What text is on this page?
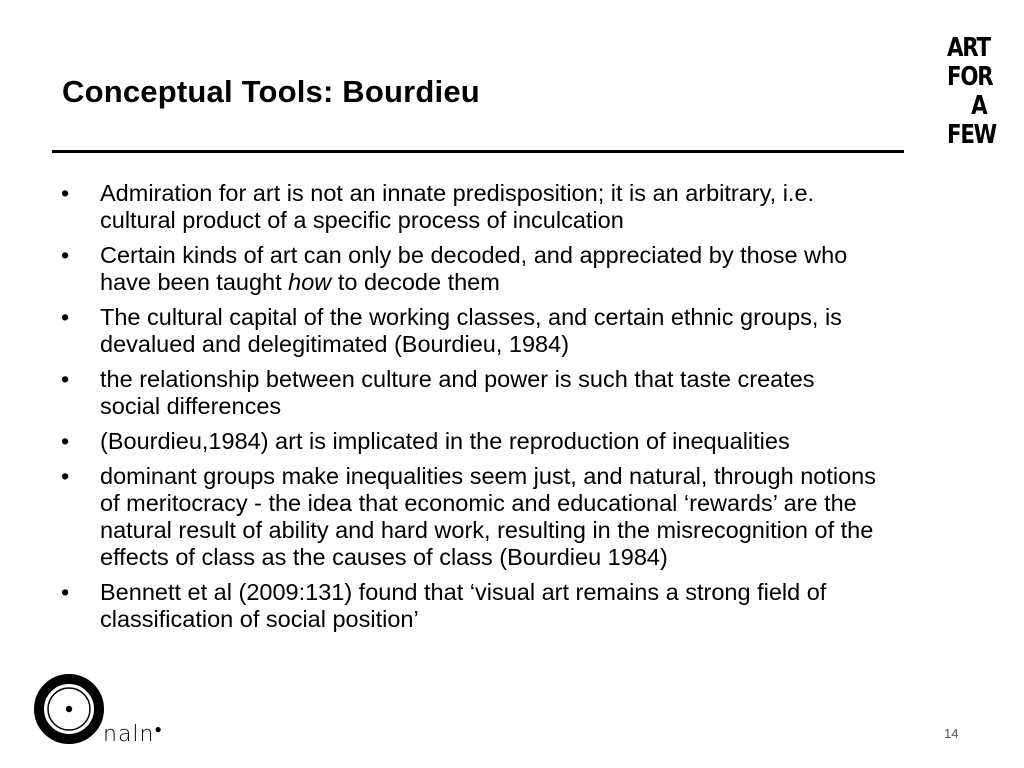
Conceptual Tools: Bourdieu
ART
FOR
A
FEW
• Admiration for art is not an innate predisposition; it is an arbitrary, i.e. cultural product of a specific process of inculcation
• Certain kinds of art can only be decoded, and appreciated by those who have been taught how to decode them
• The cultural capital of the working classes, and certain ethnic groups, is devalued and delegitimated (Bourdieu, 1984)
• the relationship between culture and power is such that taste creates social differences
• (Bourdieu,1984) art is implicated in the reproduction of inequalities
• dominant groups make inequalities seem just, and natural, through notions of meritocracy - the idea that economic and educational ‘rewards’ are the natural result of ability and hard work, resulting in the misrecognition of the effects of class as the causes of class (Bourdieu 1984)
• Bennett et al (2009:131) found that ‘visual art remains a strong field of classification of social position’
naln●	14
